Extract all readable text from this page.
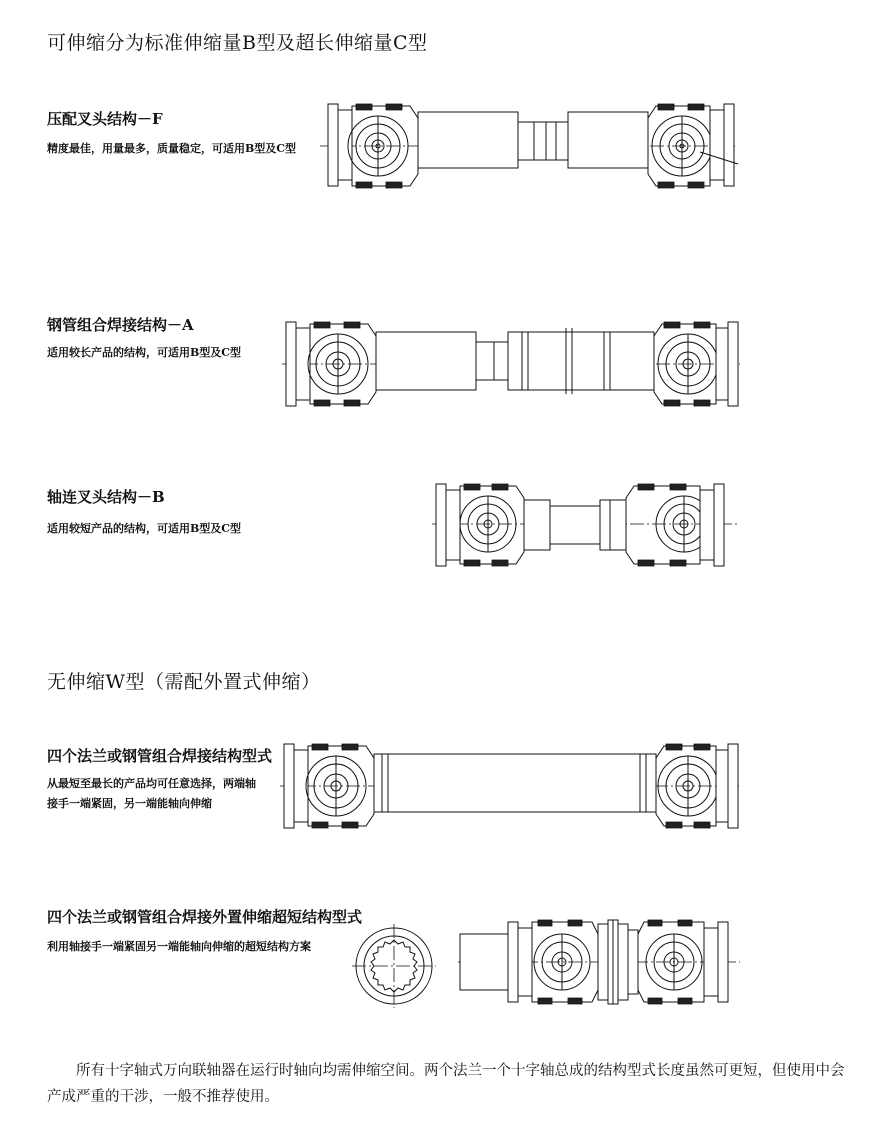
可伸缩分为标准伸缩量B型及超长伸缩量C型
压配叉头结构－F
精度最佳，用量最多，质量稳定，可适用B型及C型
钢管组合焊接结构－A
适用较长产品的结构，可适用B型及C型
轴连叉头结构－B
适用较短产品的结构，可适用B型及C型
无伸缩W型（需配外置式伸缩）
四个法兰或钢管组合焊接结构型式
从最短至最长的产品均可任意选择，两端轴
接手一端紧固，另一端能轴向伸缩
四个法兰或钢管组合焊接外置伸缩超短结构型式
利用轴接手一端紧固另一端能轴向伸缩的超短结构方案
所有十字轴式万向联轴器在运行时轴向均需伸缩空间。两个法兰一个十字轴总成的结构型式长度虽然可更短，但使用中会产成严重的干涉，一般不推荐使用。
